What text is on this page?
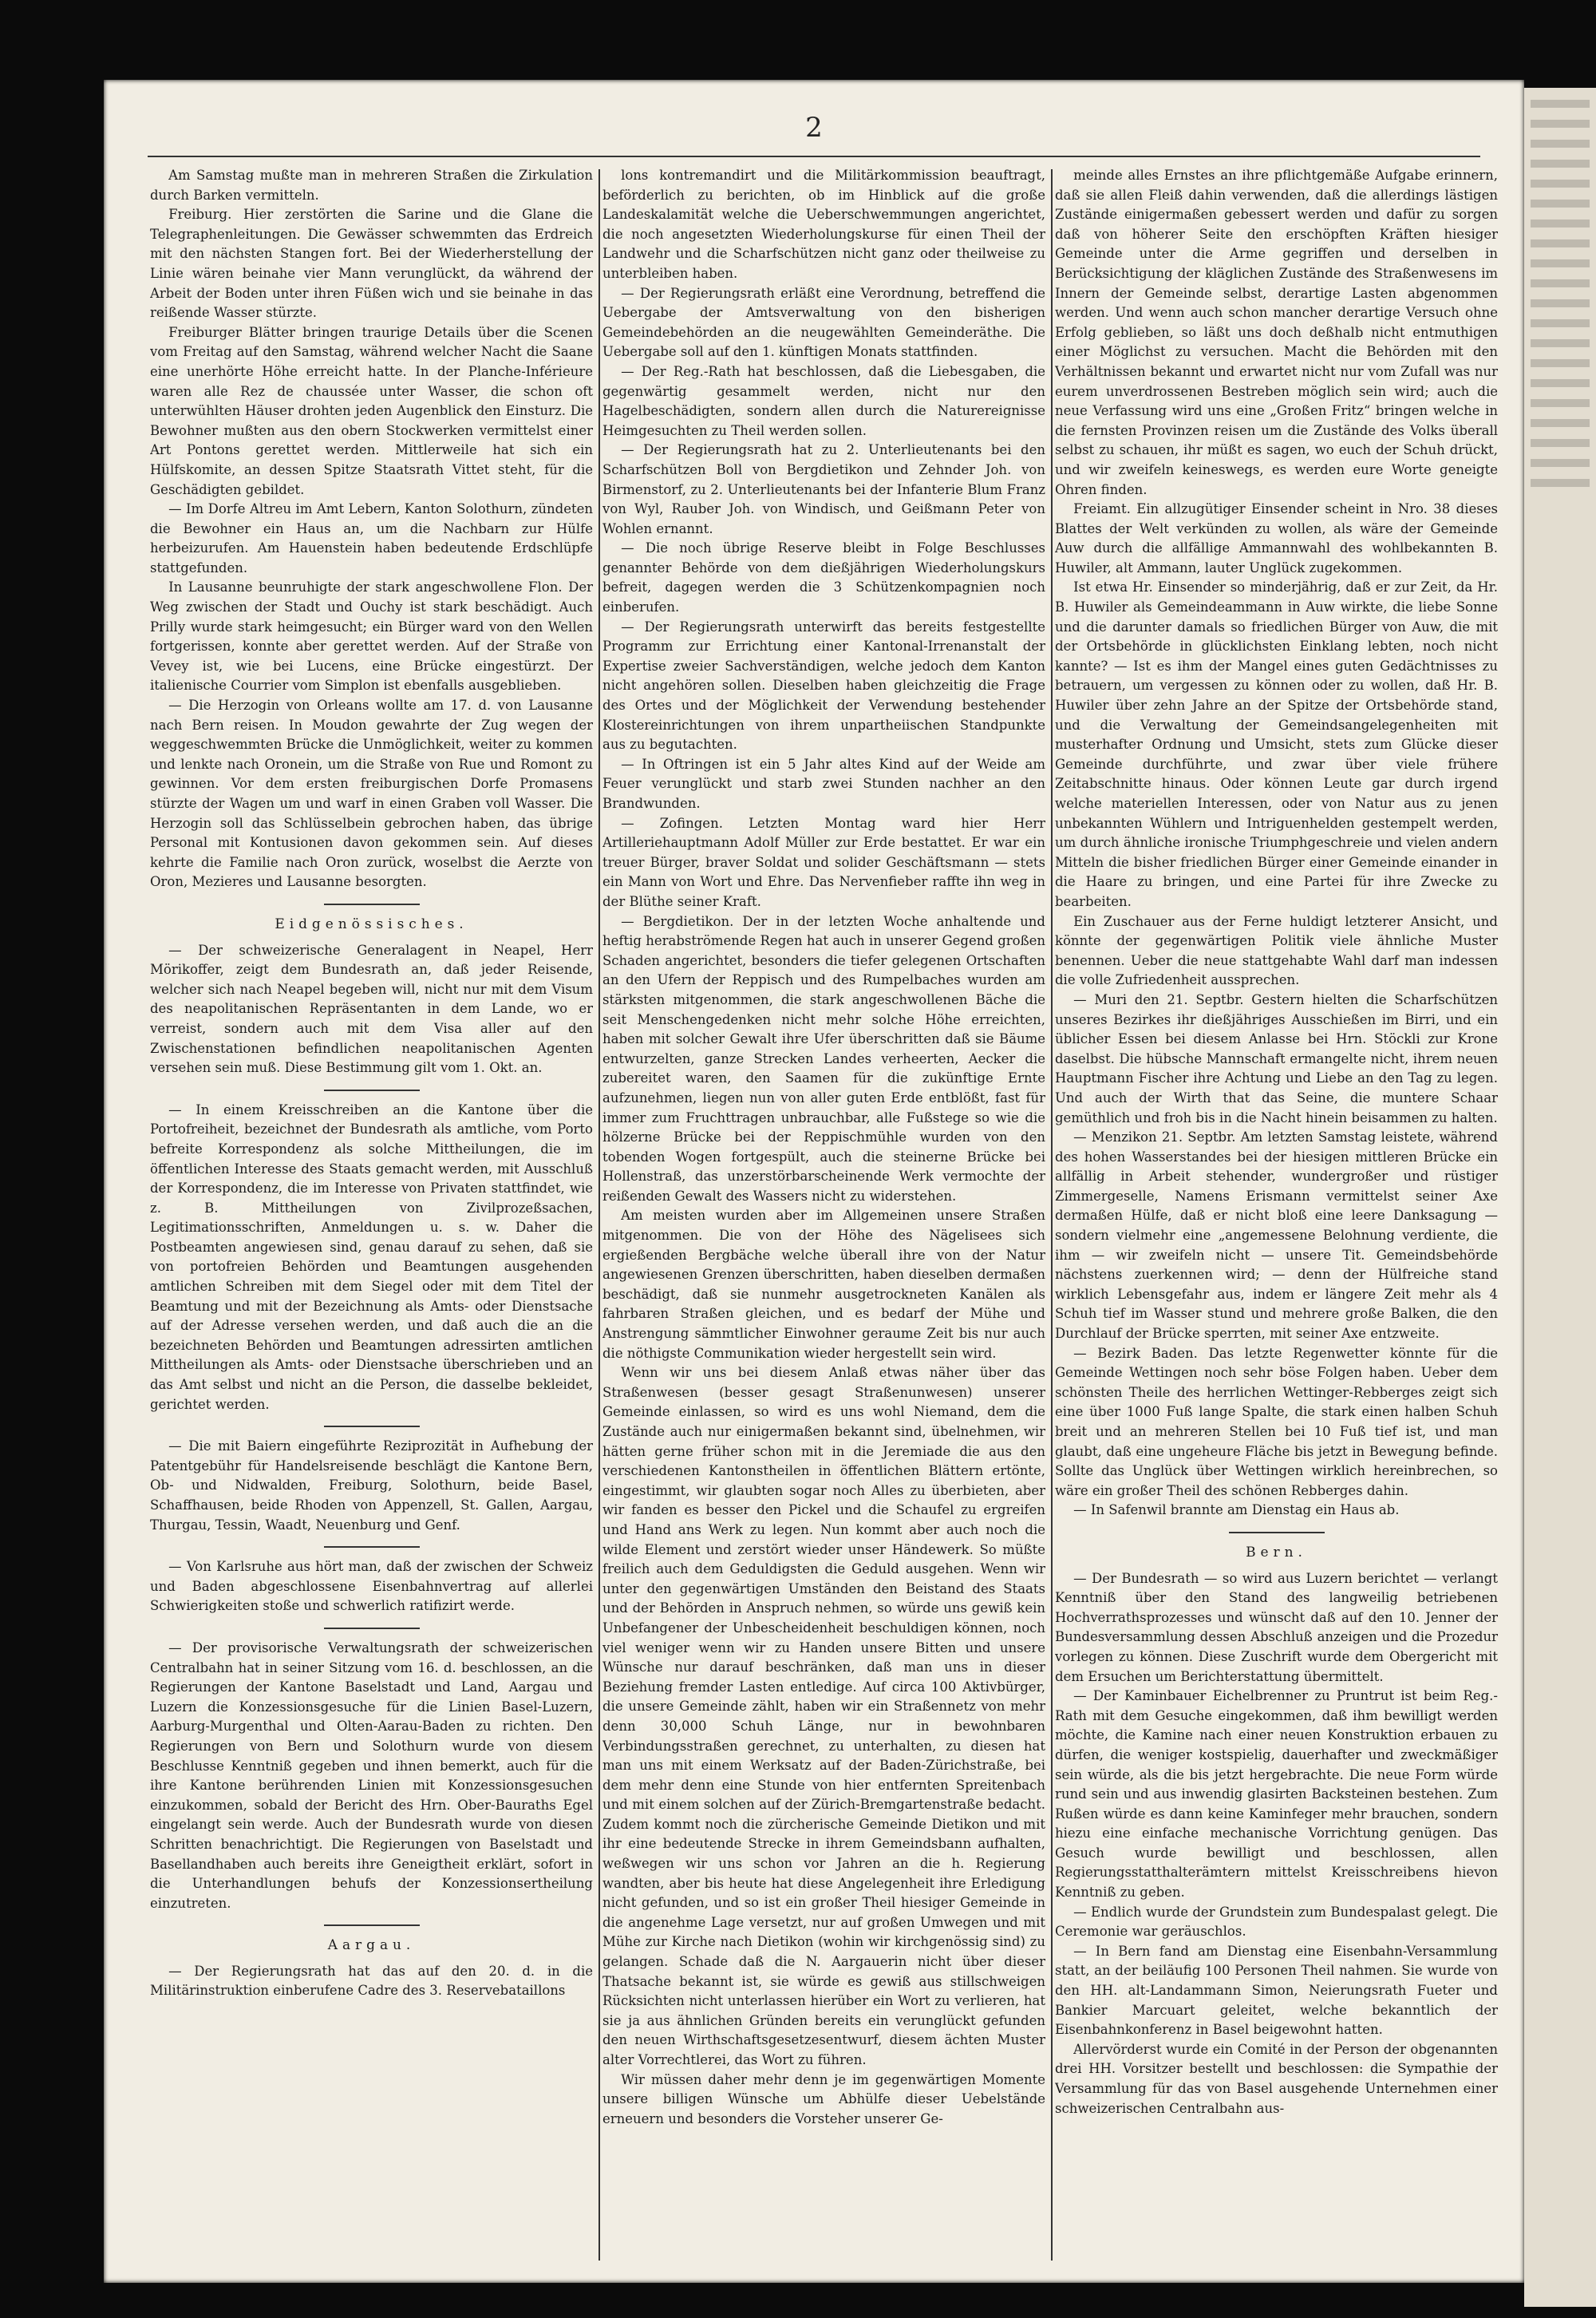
2

Am Samstag mußte man in mehreren Straßen die Zirkulation durch Barken vermitteln.

Freiburg. Hier zerstörten die Sarine und die Glane die Telegraphenleitungen. Die Gewässer schwemmten das Erdreich mit den nächsten Stangen fort. Bei der Wiederherstellung der Linie wären beinahe vier Mann verunglückt, da während der Arbeit der Boden unter ihren Füßen wich und sie beinahe in das reißende Wasser stürzte.

Freiburger Blätter bringen traurige Details über die Scenen vom Freitag auf den Samstag, während welcher Nacht die Saane eine unerhörte Höhe erreicht hatte. In der Planche-Inférieure waren alle Rez de chaussée unter Wasser, die schon oft unterwühlten Häuser drohten jeden Augenblick den Einsturz. Die Bewohner mußten aus den obern Stockwerken vermittelst einer Art Pontons gerettet werden. Mittlerweile hat sich ein Hülfskomite, an dessen Spitze Staatsrath Vittet steht, für die Geschädigten gebildet.

— Im Dorfe Altreu im Amt Lebern, Kanton Solothurn, zündeten die Bewohner ein Haus an, um die Nachbarn zur Hülfe herbeizurufen. Am Hauenstein haben bedeutende Erdschlüpfe stattgefunden.

In Lausanne beunruhigte der stark angeschwollene Flon. Der Weg zwischen der Stadt und Ouchy ist stark beschädigt. Auch Prilly wurde stark heimgesucht; ein Bürger ward von den Wellen fortgerissen, konnte aber gerettet werden. Auf der Straße von Vevey ist, wie bei Lucens, eine Brücke eingestürzt. Der italienische Courrier vom Simplon ist ebenfalls ausgeblieben.

— Die Herzogin von Orleans wollte am 17. d. von Lausanne nach Bern reisen. In Moudon gewahrte der Zug wegen der weggeschwemmten Brücke die Unmöglichkeit, weiter zu kommen und lenkte nach Oronein, um die Straße von Rue und Romont zu gewinnen. Vor dem ersten freiburgischen Dorfe Promasens stürzte der Wagen um und warf in einen Graben voll Wasser. Die Herzogin soll das Schlüsselbein gebrochen haben, das übrige Personal mit Kontusionen davon gekommen sein. Auf dieses kehrte die Familie nach Oron zurück, woselbst die Aerzte von Oron, Mezieres und Lausanne besorgten.

Eidgenössisches.

— Der schweizerische Generalagent in Neapel, Herr Mörikoffer, zeigt dem Bundesrath an, daß jeder Reisende, welcher sich nach Neapel begeben will, nicht nur mit dem Visum des neapolitanischen Repräsentanten in dem Lande, wo er verreist, sondern auch mit dem Visa aller auf den Zwischenstationen befindlichen neapolitanischen Agenten versehen sein muß. Diese Bestimmung gilt vom 1. Okt. an.

— In einem Kreisschreiben an die Kantone über die Portofreiheit, bezeichnet der Bundesrath als amtliche, vom Porto befreite Korrespondenz als solche Mittheilungen, die im öffentlichen Interesse des Staats gemacht werden, mit Ausschluß der Korrespondenz, die im Interesse von Privaten stattfindet, wie z. B. Mittheilungen von Zivilprozeßsachen, Legitimationsschriften, Anmeldungen u. s. w. Daher die Postbeamten angewiesen sind, genau darauf zu sehen, daß sie von portofreien Behörden und Beamtungen ausgehenden amtlichen Schreiben mit dem Siegel oder mit dem Titel der Beamtung und mit der Bezeichnung als Amts- oder Dienstsache auf der Adresse versehen werden, und daß auch die an die bezeichneten Behörden und Beamtungen adressirten amtlichen Mittheilungen als Amts- oder Dienstsache überschrieben und an das Amt selbst und nicht an die Person, die dasselbe bekleidet, gerichtet werden.

— Die mit Baiern eingeführte Reziprozität in Aufhebung der Patentgebühr für Handelsreisende beschlägt die Kantone Bern, Ob- und Nidwalden, Freiburg, Solothurn, beide Basel, Schaffhausen, beide Rhoden von Appenzell, St. Gallen, Aargau, Thurgau, Tessin, Waadt, Neuenburg und Genf.

— Von Karlsruhe aus hört man, daß der zwischen der Schweiz und Baden abgeschlossene Eisenbahnvertrag auf allerlei Schwierigkeiten stoße und schwerlich ratifizirt werde.

— Der provisorische Verwaltungsrath der schweizerischen Centralbahn hat in seiner Sitzung vom 16. d. beschlossen, an die Regierungen der Kantone Baselstadt und Land, Aargau und Luzern die Konzessionsgesuche für die Linien Basel-Luzern, Aarburg-Murgenthal und Olten-Aarau-Baden zu richten. Den Regierungen von Bern und Solothurn wurde von diesem Beschlusse Kenntniß gegeben und ihnen bemerkt, auch für die ihre Kantone berührenden Linien mit Konzessionsgesuchen einzukommen, sobald der Bericht des Hrn. Ober-Bauraths Egel eingelangt sein werde. Auch der Bundesrath wurde von diesen Schritten benachrichtigt. Die Regierungen von Baselstadt und Basellandhaben auch bereits ihre Geneigtheit erklärt, sofort in die Unterhandlungen behufs der Konzessionsertheilung einzutreten.

Aargau.

— Der Regierungsrath hat das auf den 20. d. in die Militärinstruktion einberufene Cadre des 3. Reservebataillons

lons kontremandirt und die Militärkommission beauftragt, beförderlich zu berichten, ob im Hinblick auf die große Landeskalamität welche die Ueberschwemmungen angerichtet, die noch angesetzten Wiederholungskurse für einen Theil der Landwehr und die Scharfschützen nicht ganz oder theilweise zu unterbleiben haben.

— Der Regierungsrath erläßt eine Verordnung, betreffend die Uebergabe der Amtsverwaltung von den bisherigen Gemeindebehörden an die neugewählten Gemeinderäthe. Die Uebergabe soll auf den 1. künftigen Monats stattfinden.

— Der Reg.-Rath hat beschlossen, daß die Liebesgaben, die gegenwärtig gesammelt werden, nicht nur den Hagelbeschädigten, sondern allen durch die Naturereignisse Heimgesuchten zu Theil werden sollen.

— Der Regierungsrath hat zu 2. Unterlieutenants bei den Scharfschützen Boll von Bergdietikon und Zehnder Joh. von Birmenstorf, zu 2. Unterlieutenants bei der Infanterie Blum Franz von Wyl, Rauber Joh. von Windisch, und Geißmann Peter von Wohlen ernannt.

— Die noch übrige Reserve bleibt in Folge Beschlusses genannter Behörde von dem dießjährigen Wiederholungskurs befreit, dagegen werden die 3 Schützenkompagnien noch einberufen.

— Der Regierungsrath unterwirft das bereits festgestellte Programm zur Errichtung einer Kantonal-Irrenanstalt der Expertise zweier Sachverständigen, welche jedoch dem Kanton nicht angehören sollen. Dieselben haben gleichzeitig die Frage des Ortes und der Möglichkeit der Verwendung bestehender Klostereinrichtungen von ihrem unpartheiischen Standpunkte aus zu begutachten.

— In Oftringen ist ein 5 Jahr altes Kind auf der Weide am Feuer verunglückt und starb zwei Stunden nachher an den Brandwunden.

— Zofingen. Letzten Montag ward hier Herr Artilleriehauptmann Adolf Müller zur Erde bestattet. Er war ein treuer Bürger, braver Soldat und solider Geschäftsmann — stets ein Mann von Wort und Ehre. Das Nervenfieber raffte ihn weg in der Blüthe seiner Kraft.

— Bergdietikon. Der in der letzten Woche anhaltende und heftig herabströmende Regen hat auch in unserer Gegend großen Schaden angerichtet, besonders die tiefer gelegenen Ortschaften an den Ufern der Reppisch und des Rumpelbaches wurden am stärksten mitgenommen, die stark angeschwollenen Bäche die seit Menschengedenken nicht mehr solche Höhe erreichten, haben mit solcher Gewalt ihre Ufer überschritten daß sie Bäume entwurzelten, ganze Strecken Landes verheerten, Aecker die zubereitet waren, den Saamen für die zukünftige Ernte aufzunehmen, liegen nun von aller guten Erde entblößt, fast für immer zum Fruchttragen unbrauchbar, alle Fußstege so wie die hölzerne Brücke bei der Reppischmühle wurden von den tobenden Wogen fortgespült, auch die steinerne Brücke bei Hollenstraß, das unzerstörbarscheinende Werk vermochte der reißenden Gewalt des Wassers nicht zu widerstehen.

Am meisten wurden aber im Allgemeinen unsere Straßen mitgenommen. Die von der Höhe des Nägelisees sich ergießenden Bergbäche welche überall ihre von der Natur angewiesenen Grenzen überschritten, haben dieselben dermaßen beschädigt, daß sie nunmehr ausgetrockneten Kanälen als fahrbaren Straßen gleichen, und es bedarf der Mühe und Anstrengung sämmtlicher Einwohner geraume Zeit bis nur auch die nöthigste Communikation wieder hergestellt sein wird.

Wenn wir uns bei diesem Anlaß etwas näher über das Straßenwesen (besser gesagt Straßenunwesen) unserer Gemeinde einlassen, so wird es uns wohl Niemand, dem die Zustände auch nur einigermaßen bekannt sind, übelnehmen, wir hätten gerne früher schon mit in die Jeremiade die aus den verschiedenen Kantonstheilen in öffentlichen Blättern ertönte, eingestimmt, wir glaubten sogar noch Alles zu überbieten, aber wir fanden es besser den Pickel und die Schaufel zu ergreifen und Hand ans Werk zu legen. Nun kommt aber auch noch die wilde Element und zerstört wieder unser Händewerk. So müßte freilich auch dem Geduldigsten die Geduld ausgehen. Wenn wir unter den gegenwärtigen Umständen den Beistand des Staats und der Behörden in Anspruch nehmen, so würde uns gewiß kein Unbefangener der Unbescheidenheit beschuldigen können, noch viel weniger wenn wir zu Handen unsere Bitten und unsere Wünsche nur darauf beschränken, daß man uns in dieser Beziehung fremder Lasten entledige. Auf circa 100 Aktivbürger, die unsere Gemeinde zählt, haben wir ein Straßennetz von mehr denn 30,000 Schuh Länge, nur in bewohnbaren Verbindungsstraßen gerechnet, zu unterhalten, zu diesen hat man uns mit einem Werksatz auf der Baden-Zürichstraße, bei dem mehr denn eine Stunde von hier entfernten Spreitenbach und mit einem solchen auf der Zürich-Bremgartenstraße bedacht. Zudem kommt noch die zürcherische Gemeinde Dietikon und mit ihr eine bedeutende Strecke in ihrem Gemeindsbann aufhalten, weßwegen wir uns schon vor Jahren an die h. Regierung wandten, aber bis heute hat diese Angelegenheit ihre Erledigung nicht gefunden, und so ist ein großer Theil hiesiger Gemeinde in die angenehme Lage versetzt, nur auf großen Umwegen und mit Mühe zur Kirche nach Dietikon (wohin wir kirchgenössig sind) zu gelangen. Schade daß die N. Aargauerin nicht über dieser Thatsache bekannt ist, sie würde es gewiß aus stillschweigen Rücksichten nicht unterlassen hierüber ein Wort zu verlieren, hat sie ja aus ähnlichen Gründen bereits ein verunglückt gefunden den neuen Wirthschaftsgesetzesentwurf, diesem ächten Muster alter Vorrechtlerei, das Wort zu führen.

Wir müssen daher mehr denn je im gegenwärtigen Momente unsere billigen Wünsche um Abhülfe dieser Uebelstände erneuern und besonders die Vorsteher unserer Ge-

meinde alles Ernstes an ihre pflichtgemäße Aufgabe erinnern, daß sie allen Fleiß dahin verwenden, daß die allerdings lästigen Zustände einigermaßen gebessert werden und dafür zu sorgen daß von höherer Seite den erschöpften Kräften hiesiger Gemeinde unter die Arme gegriffen und derselben in Berücksichtigung der kläglichen Zustände des Straßenwesens im Innern der Gemeinde selbst, derartige Lasten abgenommen werden. Und wenn auch schon mancher derartige Versuch ohne Erfolg geblieben, so läßt uns doch deßhalb nicht entmuthigen einer Möglichst zu versuchen. Macht die Behörden mit den Verhältnissen bekannt und erwartet nicht nur vom Zufall was nur eurem unverdrossenen Bestreben möglich sein wird; auch die neue Verfassung wird uns eine „Großen Fritz“ bringen welche in die fernsten Provinzen reisen um die Zustände des Volks überall selbst zu schauen, ihr müßt es sagen, wo euch der Schuh drückt, und wir zweifeln keineswegs, es werden eure Worte geneigte Ohren finden.

Freiamt. Ein allzugütiger Einsender scheint in Nro. 38 dieses Blattes der Welt verkünden zu wollen, als wäre der Gemeinde Auw durch die allfällige Ammannwahl des wohlbekannten B. Huwiler, alt Ammann, lauter Unglück zugekommen.

Ist etwa Hr. Einsender so minderjährig, daß er zur Zeit, da Hr. B. Huwiler als Gemeindeammann in Auw wirkte, die liebe Sonne und die darunter damals so friedlichen Bürger von Auw, die mit der Ortsbehörde in glücklichsten Einklang lebten, noch nicht kannte? — Ist es ihm der Mangel eines guten Gedächtnisses zu betrauern, um vergessen zu können oder zu wollen, daß Hr. B. Huwiler über zehn Jahre an der Spitze der Ortsbehörde stand, und die Verwaltung der Gemeindsangelegenheiten mit musterhafter Ordnung und Umsicht, stets zum Glücke dieser Gemeinde durchführte, und zwar über viele frühere Zeitabschnitte hinaus. Oder können Leute gar durch irgend welche materiellen Interessen, oder von Natur aus zu jenen unbekannten Wühlern und Intriguenhelden gestempelt werden, um durch ähnliche ironische Triumphgeschreie und vielen andern Mitteln die bisher friedlichen Bürger einer Gemeinde einander in die Haare zu bringen, und eine Partei für ihre Zwecke zu bearbeiten.

Ein Zuschauer aus der Ferne huldigt letzterer Ansicht, und könnte der gegenwärtigen Politik viele ähnliche Muster benennen. Ueber die neue stattgehabte Wahl darf man indessen die volle Zufriedenheit aussprechen.

— Muri den 21. Septbr. Gestern hielten die Scharfschützen unseres Bezirkes ihr dießjähriges Ausschießen im Birri, und ein üblicher Essen bei diesem Anlasse bei Hrn. Stöckli zur Krone daselbst. Die hübsche Mannschaft ermangelte nicht, ihrem neuen Hauptmann Fischer ihre Achtung und Liebe an den Tag zu legen. Und auch der Wirth that das Seine, die muntere Schaar gemüthlich und froh bis in die Nacht hinein beisammen zu halten.

— Menzikon 21. Septbr. Am letzten Samstag leistete, während des hohen Wasserstandes bei der hiesigen mittleren Brücke ein allfällig in Arbeit stehender, wundergroßer und rüstiger Zimmergeselle, Namens Erismann vermittelst seiner Axe dermaßen Hülfe, daß er nicht bloß eine leere Danksagung — sondern vielmehr eine „angemessene Belohnung verdiente, die ihm — wir zweifeln nicht — unsere Tit. Gemeindsbehörde nächstens zuerkennen wird; — denn der Hülfreiche stand wirklich Lebensgefahr aus, indem er längere Zeit mehr als 4 Schuh tief im Wasser stund und mehrere große Balken, die den Durchlauf der Brücke sperrten, mit seiner Axe entzweite.

— Bezirk Baden. Das letzte Regenwetter könnte für die Gemeinde Wettingen noch sehr böse Folgen haben. Ueber dem schönsten Theile des herrlichen Wettinger-Rebberges zeigt sich eine über 1000 Fuß lange Spalte, die stark einen halben Schuh breit und an mehreren Stellen bei 10 Fuß tief ist, und man glaubt, daß eine ungeheure Fläche bis jetzt in Bewegung befinde. Sollte das Unglück über Wettingen wirklich hereinbrechen, so wäre ein großer Theil des schönen Rebberges dahin.

— In Safenwil brannte am Dienstag ein Haus ab.

Bern.

— Der Bundesrath — so wird aus Luzern berichtet — verlangt Kenntniß über den Stand des langweilig betriebenen Hochverrathsprozesses und wünscht daß auf den 10. Jenner der Bundesversammlung dessen Abschluß anzeigen und die Prozedur vorlegen zu können. Diese Zuschrift wurde dem Obergericht mit dem Ersuchen um Berichterstattung übermittelt.

— Der Kaminbauer Eichelbrenner zu Pruntrut ist beim Reg.-Rath mit dem Gesuche eingekommen, daß ihm bewilligt werden möchte, die Kamine nach einer neuen Konstruktion erbauen zu dürfen, die weniger kostspielig, dauerhafter und zweckmäßiger sein würde, als die bis jetzt hergebrachte. Die neue Form würde rund sein und aus inwendig glasirten Backsteinen bestehen. Zum Rußen würde es dann keine Kaminfeger mehr brauchen, sondern hiezu eine einfache mechanische Vorrichtung genügen. Das Gesuch wurde bewilligt und beschlossen, allen Regierungsstatthalterämtern mittelst Kreisschreibens hievon Kenntniß zu geben.

— Endlich wurde der Grundstein zum Bundespalast gelegt. Die Ceremonie war geräuschlos.

— In Bern fand am Dienstag eine Eisenbahn-Versammlung statt, an der beiläufig 100 Personen Theil nahmen. Sie wurde von den HH. alt-Landammann Simon, Neierungsrath Fueter und Bankier Marcuart geleitet, welche bekanntlich der Eisenbahnkonferenz in Basel beigewohnt hatten.

Allervörderst wurde ein Comité in der Person der obgenannten drei HH. Vorsitzer bestellt und beschlossen: die Sympathie der Versammlung für das von Basel ausgehende Unternehmen einer schweizerischen Centralbahn aus-
